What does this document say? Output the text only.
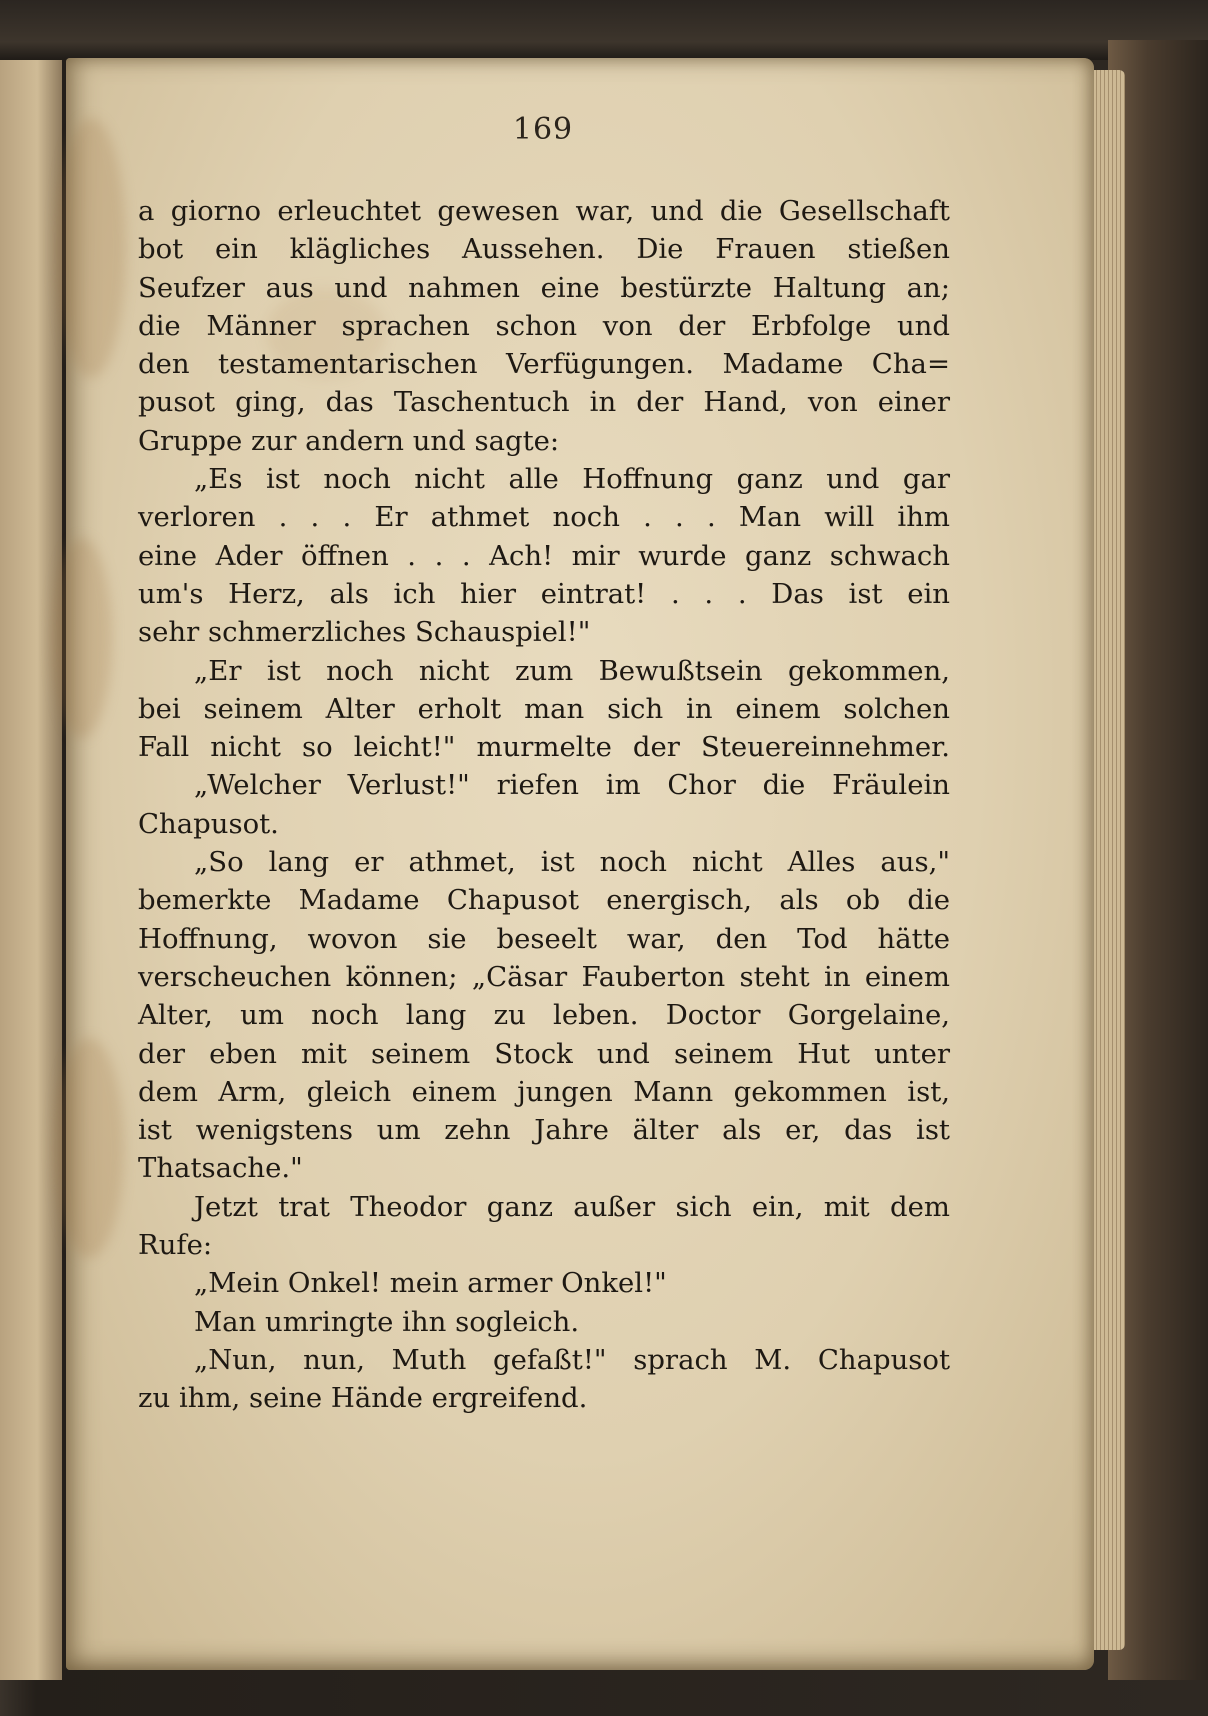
169
a giorno erleuchtet gewesen war, und die Gesellschaft
bot ein klägliches Aussehen. Die Frauen stießen
Seufzer aus und nahmen eine bestürzte Haltung an;
die Männer sprachen schon von der Erbfolge und
den testamentarischen Verfügungen. Madame Cha=
pusot ging, das Taschentuch in der Hand, von einer
Gruppe zur andern und sagte:
„Es ist noch nicht alle Hoffnung ganz und gar
verloren . . . Er athmet noch . . . Man will ihm
eine Ader öffnen . . . Ach! mir wurde ganz schwach
um's Herz, als ich hier eintrat! . . . Das ist ein
sehr schmerzliches Schauspiel!"
„Er ist noch nicht zum Bewußtsein gekommen,
bei seinem Alter erholt man sich in einem solchen
Fall nicht so leicht!" murmelte der Steuereinnehmer.
„Welcher Verlust!" riefen im Chor die Fräulein
Chapusot.
„So lang er athmet, ist noch nicht Alles aus,"
bemerkte Madame Chapusot energisch, als ob die
Hoffnung, wovon sie beseelt war, den Tod hätte
verscheuchen können; „Cäsar Fauberton steht in einem
Alter, um noch lang zu leben. Doctor Gorgelaine,
der eben mit seinem Stock und seinem Hut unter
dem Arm, gleich einem jungen Mann gekommen ist,
ist wenigstens um zehn Jahre älter als er, das ist
Thatsache."
Jetzt trat Theodor ganz außer sich ein, mit dem
Rufe:
„Mein Onkel! mein armer Onkel!"
Man umringte ihn sogleich.
„Nun, nun, Muth gefaßt!" sprach M. Chapusot
zu ihm, seine Hände ergreifend.
